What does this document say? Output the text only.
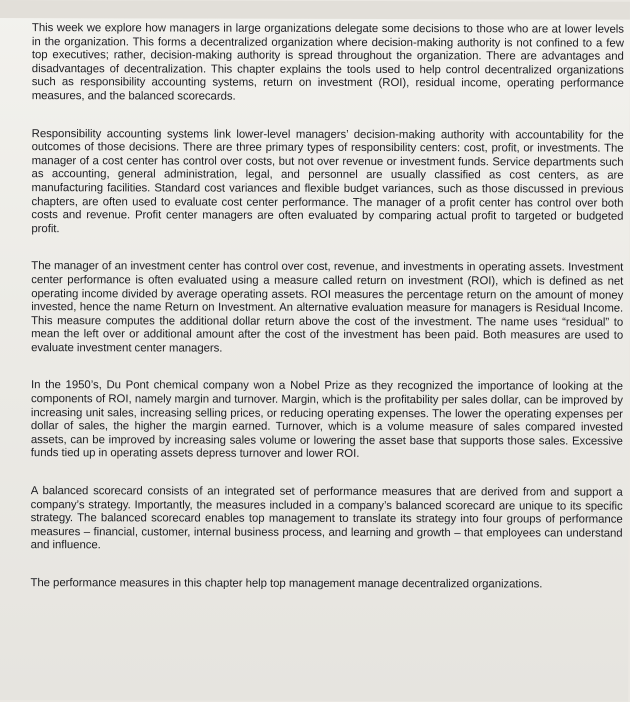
This week we explore how managers in large organizations delegate some decisions to those who are at lower levels in the organization. This forms a decentralized organization where decision-making authority is not confined to a few top executives; rather, decision-making authority is spread throughout the organization. There are advantages and disadvantages of decentralization. This chapter explains the tools used to help control decentralized organizations such as responsibility accounting systems, return on investment (ROI), residual income, operating performance measures, and the balanced scorecards.

Responsibility accounting systems link lower-level managers’ decision-making authority with accountability for the outcomes of those decisions. There are three primary types of responsibility centers: cost, profit, or investments. The manager of a cost center has control over costs, but not over revenue or investment funds. Service departments such as accounting, general administration, legal, and personnel are usually classified as cost centers, as are manufacturing facilities. Standard cost variances and flexible budget variances, such as those discussed in previous chapters, are often used to evaluate cost center performance. The manager of a profit center has control over both costs and revenue. Profit center managers are often evaluated by comparing actual profit to targeted or budgeted profit.

The manager of an investment center has control over cost, revenue, and investments in operating assets. Investment center performance is often evaluated using a measure called return on investment (ROI), which is defined as net operating income divided by average operating assets. ROI measures the percentage return on the amount of money invested, hence the name Return on Investment. An alternative evaluation measure for managers is Residual Income. This measure computes the additional dollar return above the cost of the investment. The name uses “residual” to mean the left over or additional amount after the cost of the investment has been paid. Both measures are used to evaluate investment center managers.

In the 1950’s, Du Pont chemical company won a Nobel Prize as they recognized the importance of looking at the components of ROI, namely margin and turnover. Margin, which is the profitability per sales dollar, can be improved by increasing unit sales, increasing selling prices, or reducing operating expenses. The lower the operating expenses per dollar of sales, the higher the margin earned. Turnover, which is a volume measure of sales compared invested assets, can be improved by increasing sales volume or lowering the asset base that supports those sales. Excessive funds tied up in operating assets depress turnover and lower ROI.

A balanced scorecard consists of an integrated set of performance measures that are derived from and support a company’s strategy. Importantly, the measures included in a company’s balanced scorecard are unique to its specific strategy. The balanced scorecard enables top management to translate its strategy into four groups of performance measures – financial, customer, internal business process, and learning and growth – that employees can understand and influence.

The performance measures in this chapter help top management manage decentralized organizations.
